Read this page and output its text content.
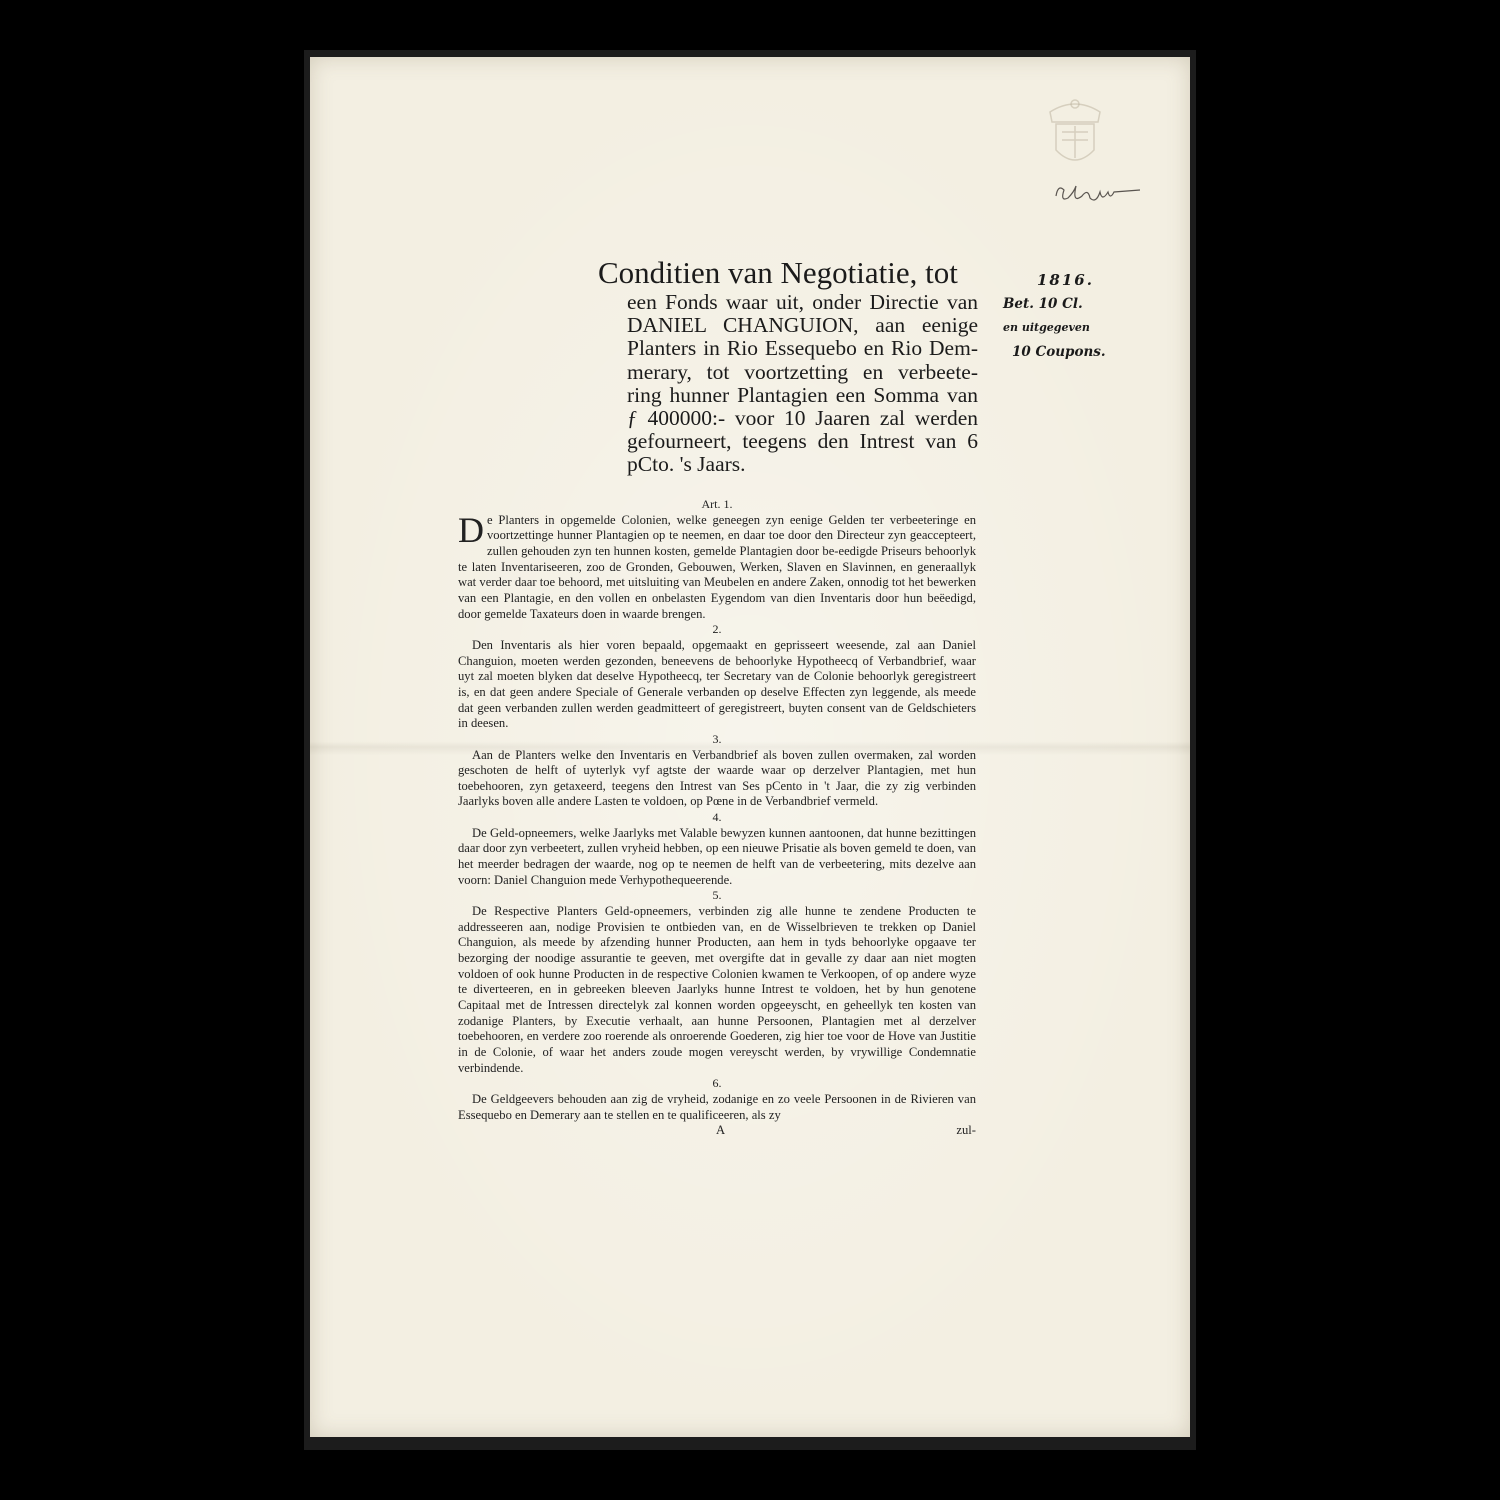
Conditien van Negotiatie, tot
een Fonds waar uit, onder Directie van
DANIEL CHANGUION, aan eenige
Planters in Rio Essequebo en Rio Dem-
merary, tot voortzetting en verbeete-
ring hunner Plantagien een Somma van
ƒ 400000:- voor 10 Jaaren zal werden
gefourneert, teegens den Intrest van 6
pCto. 's Jaars.
1816.
Bet. 10 Cl.
en uitgegeven
10 Coupons.
Art. 1.
De Planters in opgemelde Colonien, welke geneegen zyn eenige Gelden ter verbeeteringe en voortzettinge hunner Plantagien op te neemen, en daar toe door den Directeur zyn geaccepteert, zullen gehouden zyn ten hunnen kosten, gemelde Plantagien door be-eedigde Priseurs behoorlyk te laten Inventariseeren, zoo de Gronden, Gebouwen, Werken, Slaven en Slavinnen, en generaallyk wat verder daar toe behoord, met uitsluiting van Meubelen en andere Zaken, onnodig tot het bewerken van een Plantagie, en den vollen en onbelasten Eygendom van dien Inventaris door hun beëedigd, door gemelde Taxateurs doen in waarde brengen.
2.
Den Inventaris als hier voren bepaald, opgemaakt en geprisseert weesende, zal aan Daniel Changuion, moeten werden gezonden, beneevens de behoorlyke Hypotheecq of Verbandbrief, waar uyt zal moeten blyken dat deselve Hypotheecq, ter Secretary van de Colonie behoorlyk geregistreert is, en dat geen andere Speciale of Generale verbanden op deselve Effecten zyn leggende, als meede dat geen verbanden zullen werden geadmitteert of geregistreert, buyten consent van de Geldschieters in deesen.
3.
Aan de Planters welke den Inventaris en Verbandbrief als boven zullen overmaken, zal worden geschoten de helft of uyterlyk vyf agtste der waarde waar op derzelver Plantagien, met hun toebehooren, zyn getaxeerd, teegens den Intrest van Ses pCento in 't Jaar, die zy zig verbinden Jaarlyks boven alle andere Lasten te voldoen, op Pœne in de Verbandbrief vermeld.
4.
De Geld-opneemers, welke Jaarlyks met Valable bewyzen kunnen aantoonen, dat hunne bezittingen daar door zyn verbeetert, zullen vryheid hebben, op een nieuwe Prisatie als boven gemeld te doen, van het meerder bedragen der waarde, nog op te neemen de helft van de verbeetering, mits dezelve aan voorn: Daniel Changuion mede Verhypothequeerende.
5.
De Respective Planters Geld-opneemers, verbinden zig alle hunne te zendene Producten te addresseeren aan, nodige Provisien te ontbieden van, en de Wisselbrieven te trekken op Daniel Changuion, als meede by afzending hunner Producten, aan hem in tyds behoorlyke opgaave ter bezorging der noodige assurantie te geeven, met overgifte dat in gevalle zy daar aan niet mogten voldoen of ook hunne Producten in de respective Colonien kwamen te Verkoopen, of op andere wyze te diverteeren, en in gebreeken bleeven Jaarlyks hunne Intrest te voldoen, het by hun genotene Capitaal met de Intressen directelyk zal konnen worden opgeeyscht, en geheellyk ten kosten van zodanige Planters, by Executie verhaalt, aan hunne Persoonen, Plantagien met al derzelver toebehooren, en verdere zoo roerende als onroerende Goederen, zig hier toe voor de Hove van Justitie in de Colonie, of waar het anders zoude mogen vereyscht werden, by vrywillige Condemnatie verbindende.
6.
De Geldgeevers behouden aan zig de vryheid, zodanige en zo veele Persoonen in de Rivieren van Essequebo en Demerary aan te stellen en te qualificeeren, als zy
A	zul-
